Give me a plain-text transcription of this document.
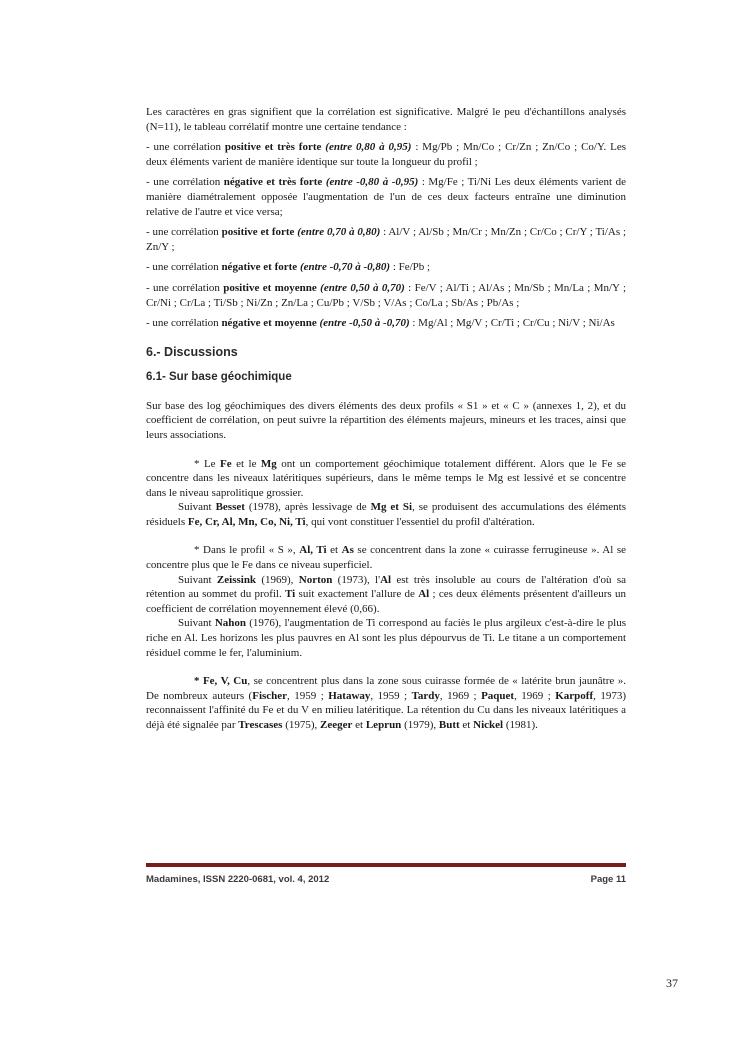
Les caractères en gras signifient que la corrélation est significative. Malgré le peu d'échantillons analysés (N=11), le tableau corrélatif montre une certaine tendance :

- une corrélation positive et très forte (entre 0,80 à 0,95) : Mg/Pb ; Mn/Co ; Cr/Zn ; Zn/Co ; Co/Y. Les deux éléments varient de manière identique sur toute la longueur du profil ;

- une corrélation négative et très forte (entre -0,80 à -0,95) : Mg/Fe ; Ti/Ni Les deux éléments varient de manière diamétralement opposée l'augmentation de l'un de ces deux facteurs entraîne une diminution relative de l'autre et vice versa;

- une corrélation positive et forte (entre 0,70 à 0,80) : Al/V ; Al/Sb ; Mn/Cr ; Mn/Zn ; Cr/Co ; Cr/Y ; Ti/As ; Zn/Y ;

- une corrélation négative et forte (entre -0,70 à -0,80) : Fe/Pb ;

- une corrélation positive et moyenne (entre 0,50 à 0,70) : Fe/V ; Al/Ti ; Al/As ; Mn/Sb ; Mn/La ; Mn/Y ; Cr/Ni ; Cr/La ; Ti/Sb ; Ni/Zn ; Zn/La ; Cu/Pb ; V/Sb ; V/As ; Co/La ; Sb/As ; Pb/As ;

- une corrélation négative et moyenne (entre -0,50 à -0,70) : Mg/Al ; Mg/V ; Cr/Ti ; Cr/Cu ; Ni/V ; Ni/As

6.- Discussions
6.1- Sur base géochimique

Sur base des log géochimiques des divers éléments des deux profils « S1 » et « C » (annexes 1, 2), et du coefficient de corrélation, on peut suivre la répartition des éléments majeurs, mineurs et les traces, ainsi que leurs associations.

* Le Fe et le Mg ont un comportement géochimique totalement différent. Alors que le Fe se concentre dans les niveaux latéritiques supérieurs, dans le même temps le Mg est lessivé et se concentre dans le niveau saprolitique grossier.

Suivant Besset (1978), après lessivage de Mg et Si, se produisent des accumulations des éléments résiduels Fe, Cr, Al, Mn, Co, Ni, Ti, qui vont constituer l'essentiel du profil d'altération.

* Dans le profil « S », Al, Ti et As se concentrent dans la zone « cuirasse ferrugineuse ». Al se concentre plus que le Fe dans ce niveau superficiel.

Suivant Zeissink (1969), Norton (1973), l'Al est très insoluble au cours de l'altération d'où sa rétention au sommet du profil. Ti suit exactement l'allure de Al ; ces deux éléments présentent d'ailleurs un coefficient de corrélation moyennement élevé (0,66).

Suivant Nahon (1976), l'augmentation de Ti correspond au faciès le plus argileux c'est-à-dire le plus riche en Al. Les horizons les plus pauvres en Al sont les plus dépourvus de Ti. Le titane a un comportement résiduel comme le fer, l'aluminium.

* Fe, V, Cu, se concentrent plus dans la zone sous cuirasse formée de « latérite brun jaunâtre ». De nombreux auteurs (Fischer, 1959 ; Hataway, 1959 ; Tardy, 1969 ; Paquet, 1969 ; Karpoff, 1973) reconnaissent l'affinité du Fe et du V en milieu latéritique. La rétention du Cu dans les niveaux latéritiques a déjà été signalée par Trescases (1975), Zeeger et Leprun (1979), Butt et Nickel (1981).

Madamines, ISSN 2220-0681, vol. 4, 2012	Page 11
37
